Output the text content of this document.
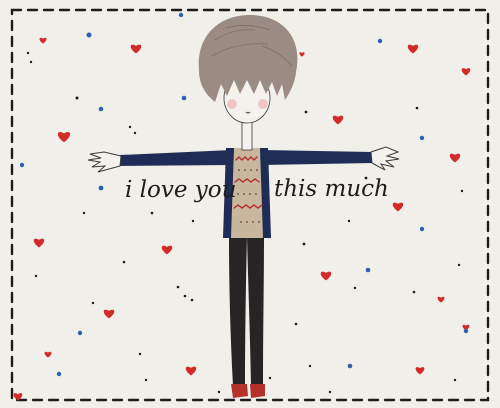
i love you this much
